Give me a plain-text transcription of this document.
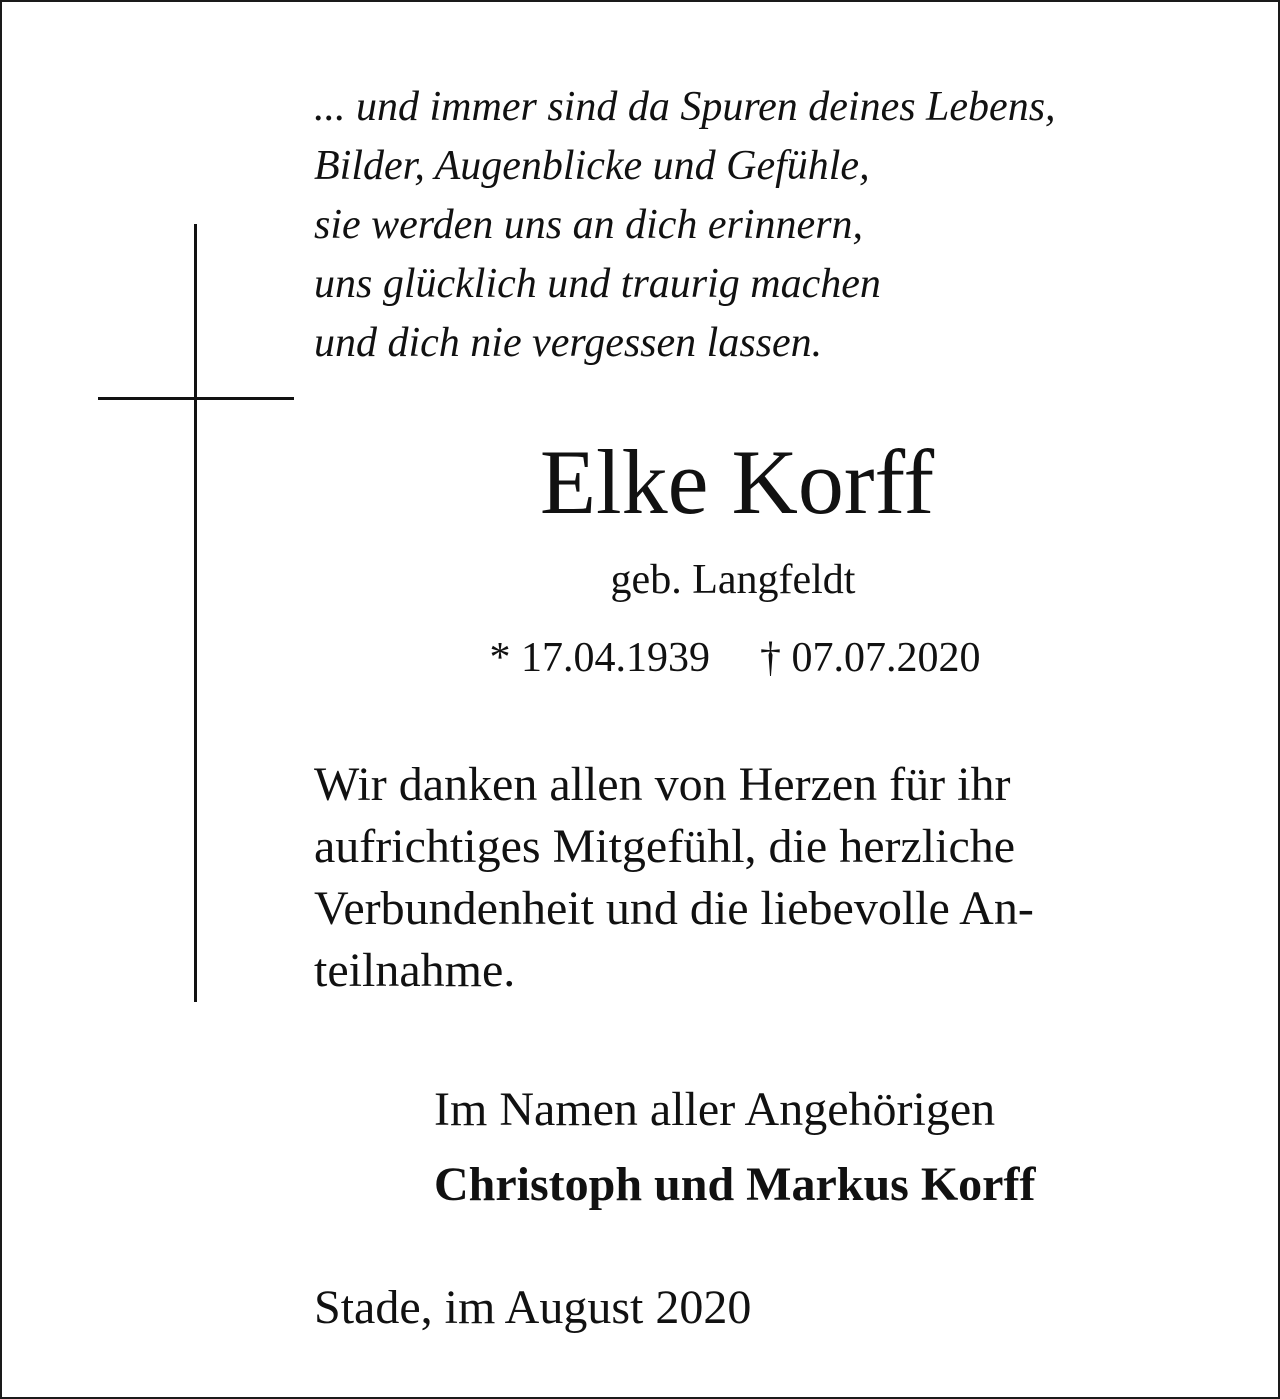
... und immer sind da Spuren deines Lebens,
Bilder, Augenblicke und Gefühle,
sie werden uns an dich erinnern,
uns glücklich und traurig machen
und dich nie vergessen lassen.
Elke Korff
geb. Langfeldt
* 17.04.1939 † 07.07.2020
Wir danken allen von Herzen für ihr
aufrichtiges Mitgefühl, die herzliche
Verbundenheit und die liebevolle An-
teilnahme.
Im Namen aller Angehörigen
Christoph und Markus Korff
Stade, im August 2020
